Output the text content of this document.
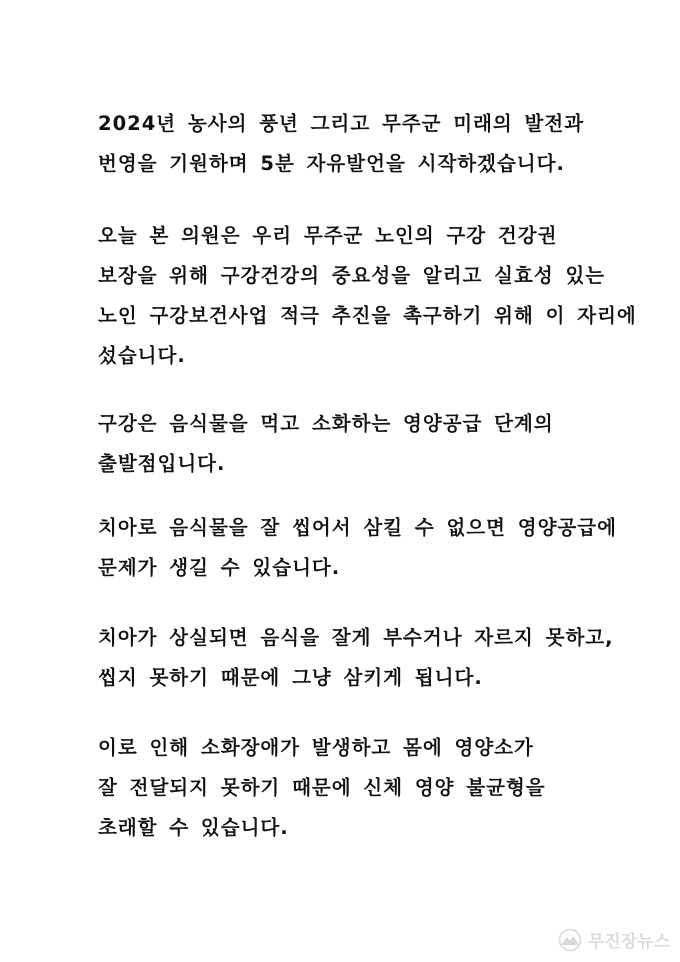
2024년 농사의 풍년 그리고 무주군 미래의 발전과
번영을 기원하며 5분 자유발언을 시작하겠습니다.
오늘 본 의원은 우리 무주군 노인의 구강 건강권
보장을 위해 구강건강의 중요성을 알리고 실효성 있는
노인 구강보건사업 적극 추진을 촉구하기 위해 이 자리에
섰습니다.
구강은 음식물을 먹고 소화하는 영양공급 단계의
출발점입니다.
치아로 음식물을 잘 씹어서 삼킬 수 없으면 영양공급에
문제가 생길 수 있습니다.
치아가 상실되면 음식을 잘게 부수거나 자르지 못하고,
씹지 못하기 때문에 그냥 삼키게 됩니다.
이로 인해 소화장애가 발생하고 몸에 영양소가
잘 전달되지 못하기 때문에 신체 영양 불균형을
초래할 수 있습니다.
무진장뉴스
